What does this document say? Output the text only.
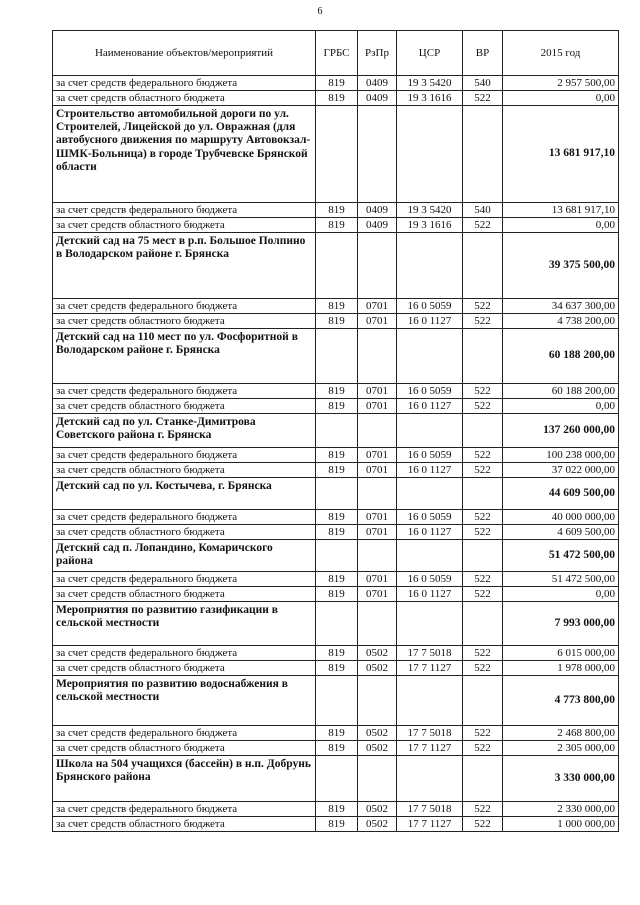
6
Наименование объектов/мероприятий	ГРБС	РзПр	ЦСР	ВР	2015 год
за счет средств федерального бюджета	819	0409	19 3 5420	540	2 957 500,00
за счет средств областного бюджета	819	0409	19 3 1616	522	0,00
Строительство автомобильной дороги по ул. Строителей, Лицейской до ул. Овражная (для автобусного движения по маршруту Автовокзал-ШМК-Больница) в городе Трубчевске Брянской области					13 681 917,10
за счет средств федерального бюджета	819	0409	19 3 5420	540	13 681 917,10
за счет средств областного бюджета	819	0409	19 3 1616	522	0,00
Детский сад на 75 мест в р.п. Большое Полпино в Володарском районе г. Брянска					39 375 500,00
за счет средств федерального бюджета	819	0701	16 0 5059	522	34 637 300,00
за счет средств областного бюджета	819	0701	16 0 1127	522	4 738 200,00
Детский сад на 110 мест по ул. Фосфоритной в Володарском районе г. Брянска					60 188 200,00
за счет средств федерального бюджета	819	0701	16 0 5059	522	60 188 200,00
за счет средств областного бюджета	819	0701	16 0 1127	522	0,00
Детский сад по ул. Станке-Димитрова Советского района г. Брянска					137 260 000,00
за счет средств федерального бюджета	819	0701	16 0 5059	522	100 238 000,00
за счет средств областного бюджета	819	0701	16 0 1127	522	37 022 000,00
Детский сад по ул. Костычева, г. Брянска					44 609 500,00
за счет средств федерального бюджета	819	0701	16 0 5059	522	40 000 000,00
за счет средств областного бюджета	819	0701	16 0 1127	522	4 609 500,00
Детский сад п. Лопандино, Комаричского района					51 472 500,00
за счет средств федерального бюджета	819	0701	16 0 5059	522	51 472 500,00
за счет средств областного бюджета	819	0701	16 0 1127	522	0,00
Мероприятия по развитию газификации в сельской местности					7 993 000,00
за счет средств федерального бюджета	819	0502	17 7 5018	522	6 015 000,00
за счет средств областного бюджета	819	0502	17 7 1127	522	1 978 000,00
Мероприятия по развитию водоснабжения в сельской местности					4 773 800,00
за счет средств федерального бюджета	819	0502	17 7 5018	522	2 468 800,00
за счет средств областного бюджета	819	0502	17 7 1127	522	2 305 000,00
Школа на 504 учащихся (бассейн) в н.п. Добрунь Брянского района					3 330 000,00
за счет средств федерального бюджета	819	0502	17 7 5018	522	2 330 000,00
за счет средств областного бюджета	819	0502	17 7 1127	522	1 000 000,00
